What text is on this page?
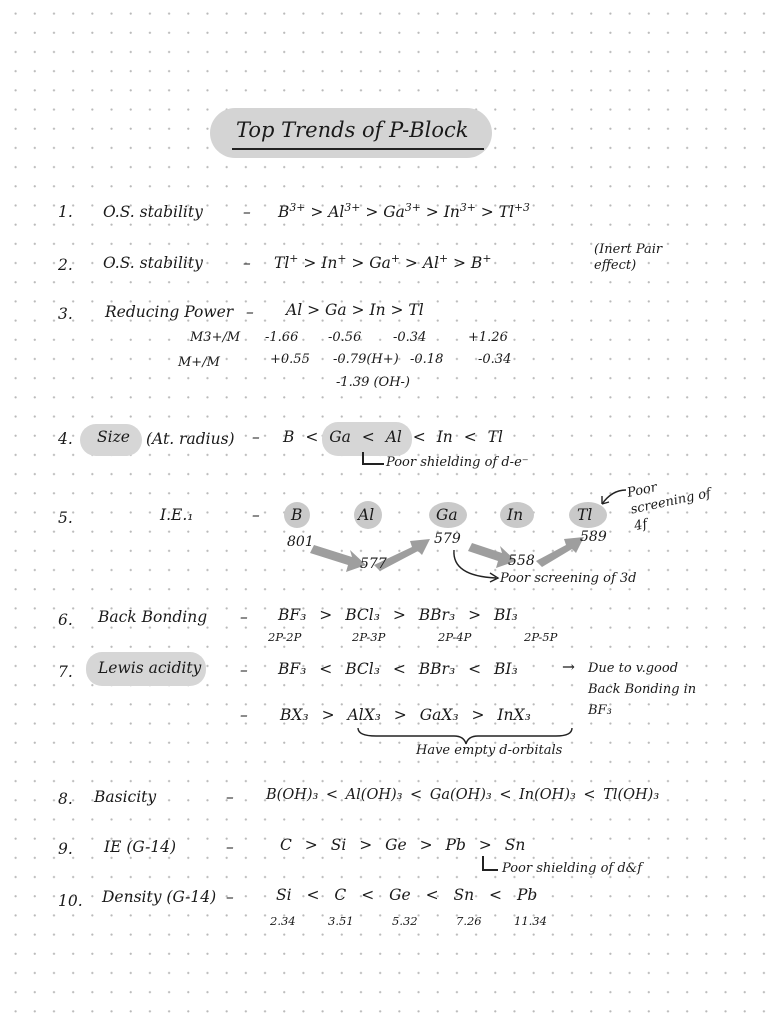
Top Trends of P-Block
1. O.S. stability	– $B^{3+} > Al^{3+} > Ga^{3+} > In^{3+} > Tl^{+3}$
2. O.S. stability	– Tl+ > In+ > Ga+ > Al+ > B+
(Inert Pair effect)
3. Reducing Power – Al > Ga > In > Tl
M3+/M -1.66 -0.56 -0.34	+1.26
M+/M	+0.55 -0.79(H+) -0.18	-0.34
-1.39 (OH-)
4. Size (At. radius) – B < Ga < Al < In < Tl
Poor shielding of d-e⁻
5.	I.E.₁	– B	Al	Ga	In	Tl
801
577
579
558
589
Poor screening of 3d
Poor screening of 4f
6. Back Bonding – BF₃ > BCl₃ > BBr₃ > BI₃
2P-2P	2P-3P	2P-4P	2P-5P
7. Lewis acidity – BF₃ < BCl₃ < BBr₃ < BI₃	→ Due to v.good Back Bonding in BF₃
– BX₃ > AlX₃ > GaX₃ > InX₃
Have empty d-orbitals
8. Basicity	– B(OH)₃ < Al(OH)₃ < Ga(OH)₃ < In(OH)₃ < Tl(OH)₃
9. IE (G-14)	–	C > Si > Ge > Pb > Sn
Poor shielding of d&f
10. Density (G-14) –	Si < C < Ge < Sn < Pb
2.34	3.51	5.32	7.26	11.34
